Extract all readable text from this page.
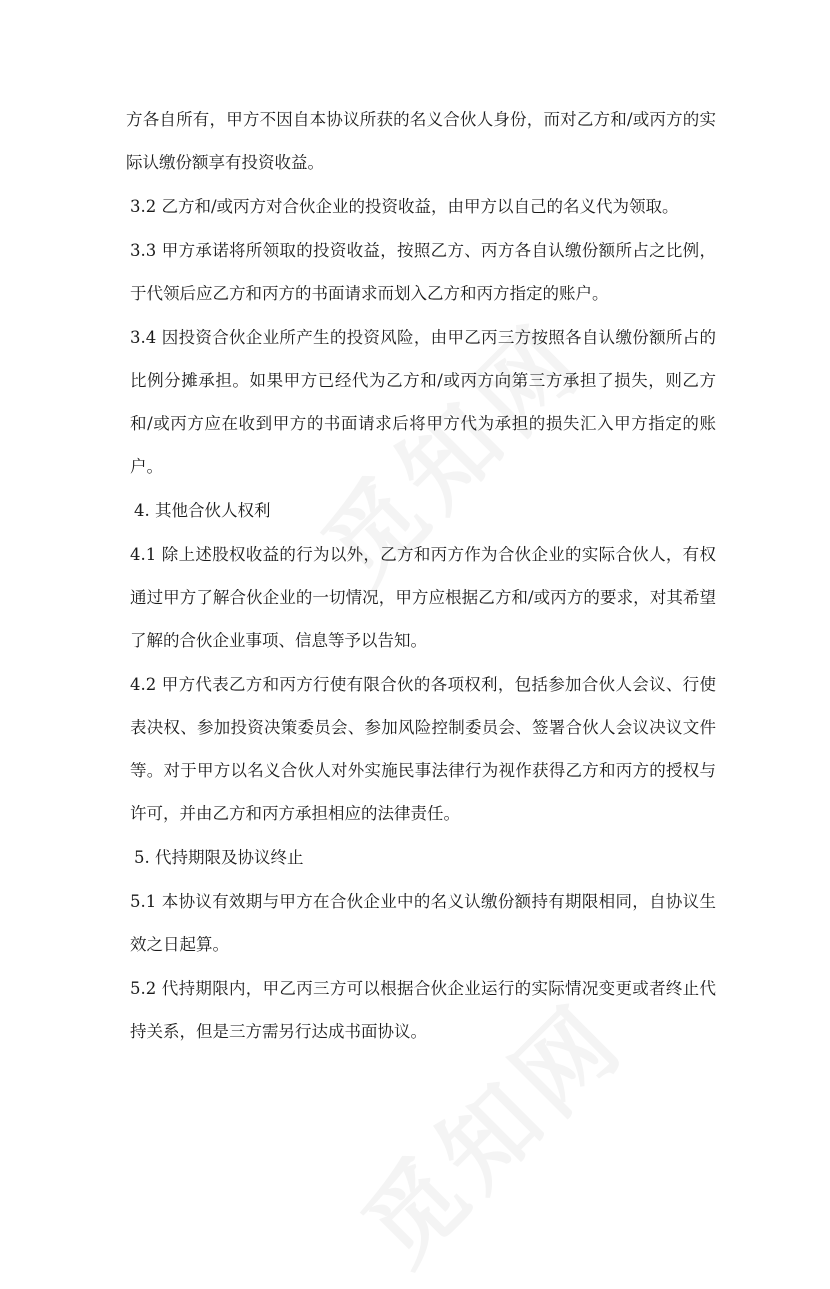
方各自所有，甲方不因自本协议所获的名义合伙人身份，而对乙方和/或丙方的实际认缴份额享有投资收益。

3.2 乙方和/或丙方对合伙企业的投资收益，由甲方以自己的名义代为领取。

3.3 甲方承诺将所领取的投资收益，按照乙方、丙方各自认缴份额所占之比例，于代领后应乙方和丙方的书面请求而划入乙方和丙方指定的账户。

3.4 因投资合伙企业所产生的投资风险，由甲乙丙三方按照各自认缴份额所占的比例分摊承担。如果甲方已经代为乙方和/或丙方向第三方承担了损失，则乙方和/或丙方应在收到甲方的书面请求后将甲方代为承担的损失汇入甲方指定的账户。

4. 其他合伙人权利

4.1 除上述股权收益的行为以外，乙方和丙方作为合伙企业的实际合伙人，有权通过甲方了解合伙企业的一切情况，甲方应根据乙方和/或丙方的要求，对其希望了解的合伙企业事项、信息等予以告知。

4.2 甲方代表乙方和丙方行使有限合伙的各项权利，包括参加合伙人会议、行使表决权、参加投资决策委员会、参加风险控制委员会、签署合伙人会议决议文件等。对于甲方以名义合伙人对外实施民事法律行为视作获得乙方和丙方的授权与许可，并由乙方和丙方承担相应的法律责任。

5. 代持期限及协议终止

5.1 本协议有效期与甲方在合伙企业中的名义认缴份额持有期限相同，自协议生效之日起算。

5.2 代持期限内，甲乙丙三方可以根据合伙企业运行的实际情况变更或者终止代持关系，但是三方需另行达成书面协议。
